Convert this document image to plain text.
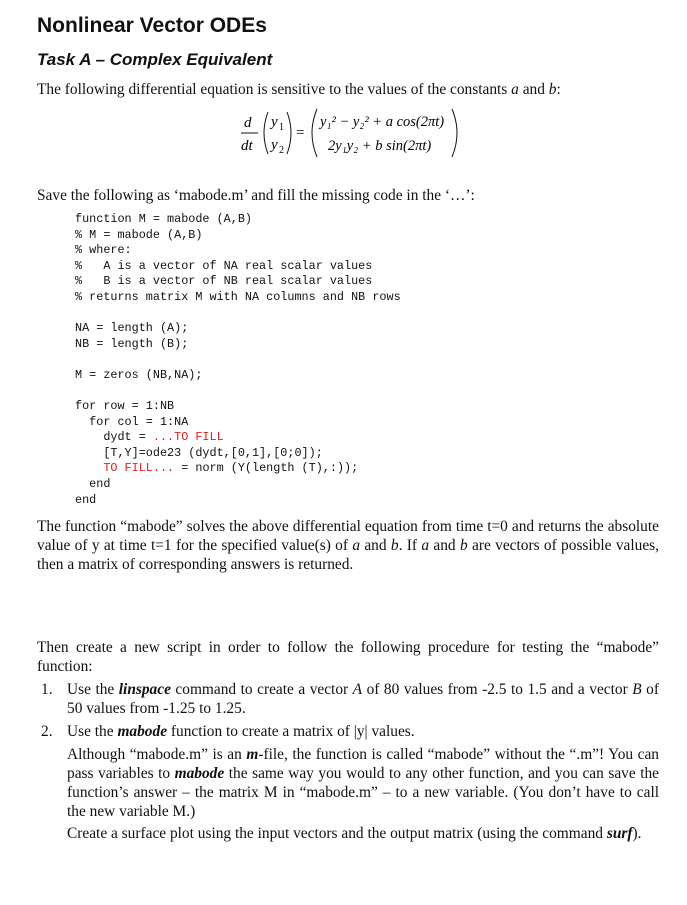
Nonlinear Vector ODEs
Task A – Complex Equivalent

The following differential equation is sensitive to the values of the constants a and b:

d
dt
y 1
y 2
=
y₁² − y₂² + a cos(2πt)
2y₁y₂ + b sin(2πt)

Save the following as ‘mabode.m’ and fill the missing code in the ‘…’:

function M = mabode (A,B)
% M = mabode (A,B)
% where:
%   A is a vector of NA real scalar values
%   B is a vector of NB real scalar values
% returns matrix M with NA columns and NB rows
NA = length (A);
NB = length (B);
M = zeros (NB,NA);
for row = 1:NB
for col = 1:NA
dydt = ...TO FILL
[T,Y]=ode23 (dydt,[0,1],[0;0]);
TO FILL... = norm (Y(length (T),:));
end
end

The function “mabode” solves the above differential equation from time t=0 and returns the absolute value of y at time t=1 for the specified value(s) of a and b. If a and b are vectors of possible values, then a matrix of corresponding answers is returned.

Then create a new script in order to follow the following procedure for testing the “mabode” function:

1. Use the linspace command to create a vector A of 80 values from -2.5 to 1.5 and a vector B of 50 values from -1.25 to 1.25.
2. Use the mabode function to create a matrix of |y| values.
Although “mabode.m” is an m-file, the function is called “mabode” without the “.m”! You can pass variables to mabode the same way you would to any other function, and you can save the function’s answer – the matrix M in “mabode.m” – to a new variable. (You don’t have to call the new variable M.)
Create a surface plot using the input vectors and the output matrix (using the command surf).
